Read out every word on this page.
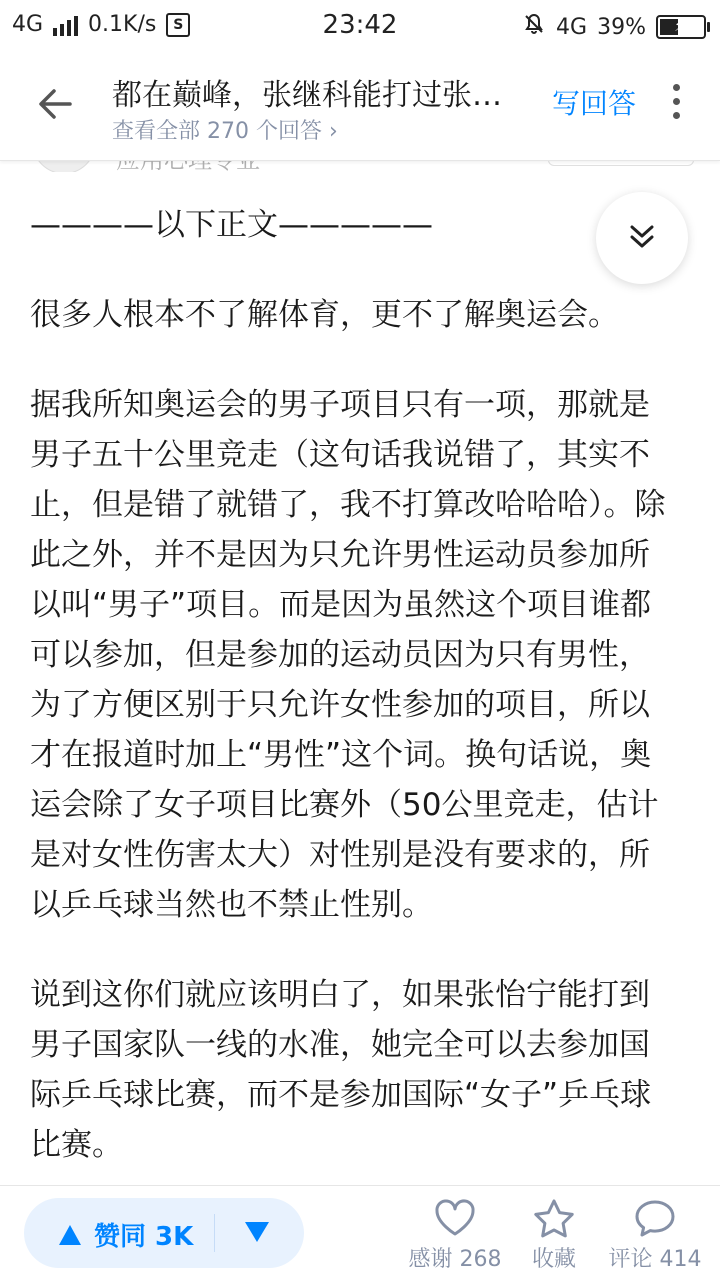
4G 0.1K/s	S	23:42	4G 39% ⚡
都在巅峰，张继科能打过张…
查看全部 270 个回答 ›
写回答

————以下正文—————

很多人根本不了解体育，更不了解奥运会。

据我所知奥运会的男子项目只有一项，那就是男子五十公里竞走（这句话我说错了，其实不止，但是错了就错了，我不打算改哈哈哈）。除此之外，并不是因为只允许男性运动员参加所以叫“男子”项目。而是因为虽然这个项目谁都可以参加，但是参加的运动员因为只有男性，为了方便区别于只允许女性参加的项目，所以才在报道时加上“男性”这个词。换句话说，奥运会除了女子项目比赛外（50公里竞走，估计是对女性伤害太大）对性别是没有要求的，所以乒乓球当然也不禁止性别。

说到这你们就应该明白了，如果张怡宁能打到男子国家队一线的水准，她完全可以去参加国际乒乓球比赛，而不是参加国际“女子”乒乓球比赛。

赞同 3K
感谢 268	收藏	评论 414
